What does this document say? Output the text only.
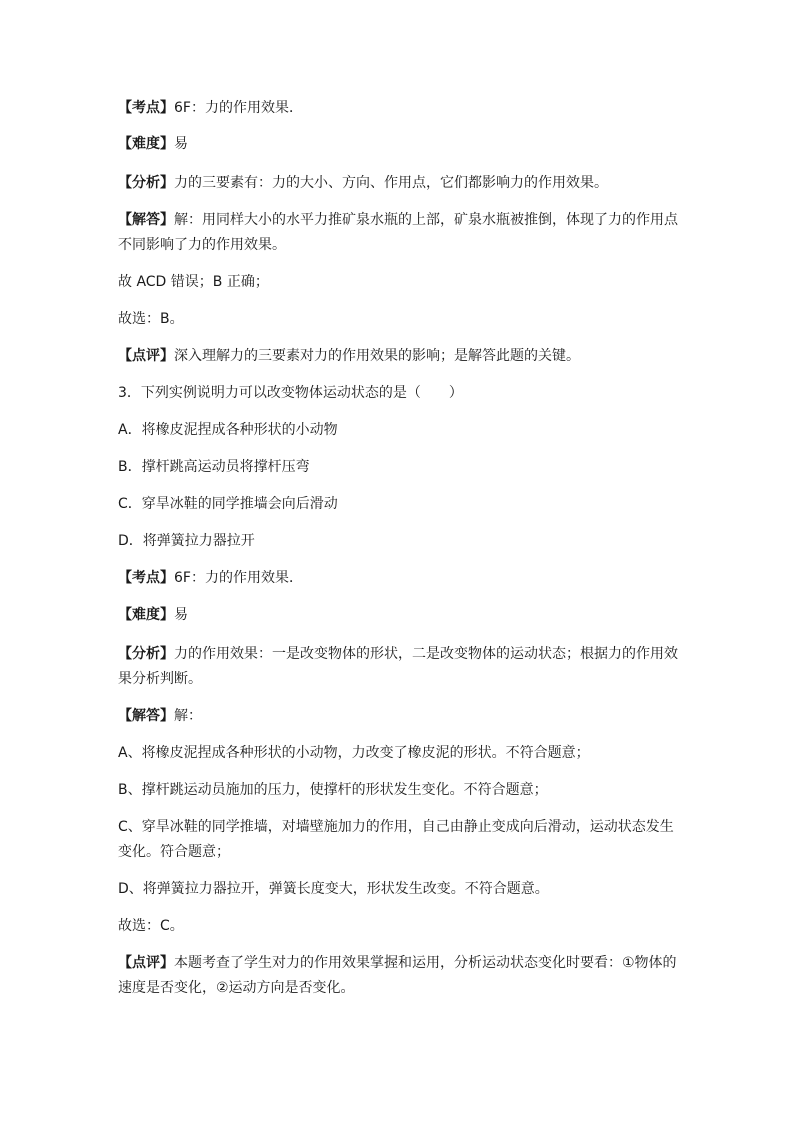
【考点】6F：力的作用效果．
【难度】易
【分析】力的三要素有：力的大小、方向、作用点，它们都影响力的作用效果。
【解答】解：用同样大小的水平力推矿泉水瓶的上部，矿泉水瓶被推倒，体现了力的作用点
不同影响了力的作用效果。
故 ACD 错误；B 正确；
故选：B。
【点评】深入理解力的三要素对力的作用效果的影响；是解答此题的关键。
3．下列实例说明力可以改变物体运动状态的是（　　）
A．将橡皮泥捏成各种形状的小动物
B．撑杆跳高运动员将撑杆压弯
C．穿旱冰鞋的同学推墙会向后滑动
D．将弹簧拉力器拉开
【考点】6F：力的作用效果．
【难度】易
【分析】力的作用效果：一是改变物体的形状，二是改变物体的运动状态；根据力的作用效
果分析判断。
【解答】解：
A、将橡皮泥捏成各种形状的小动物，力改变了橡皮泥的形状。不符合题意；
B、撑杆跳运动员施加的压力，使撑杆的形状发生变化。不符合题意；
C、穿旱冰鞋的同学推墙，对墙壁施加力的作用，自己由静止变成向后滑动，运动状态发生
变化。符合题意；
D、将弹簧拉力器拉开，弹簧长度变大，形状发生改变。不符合题意。
故选：C。
【点评】本题考查了学生对力的作用效果掌握和运用，分析运动状态变化时要看：①物体的
速度是否变化，②运动方向是否变化。
